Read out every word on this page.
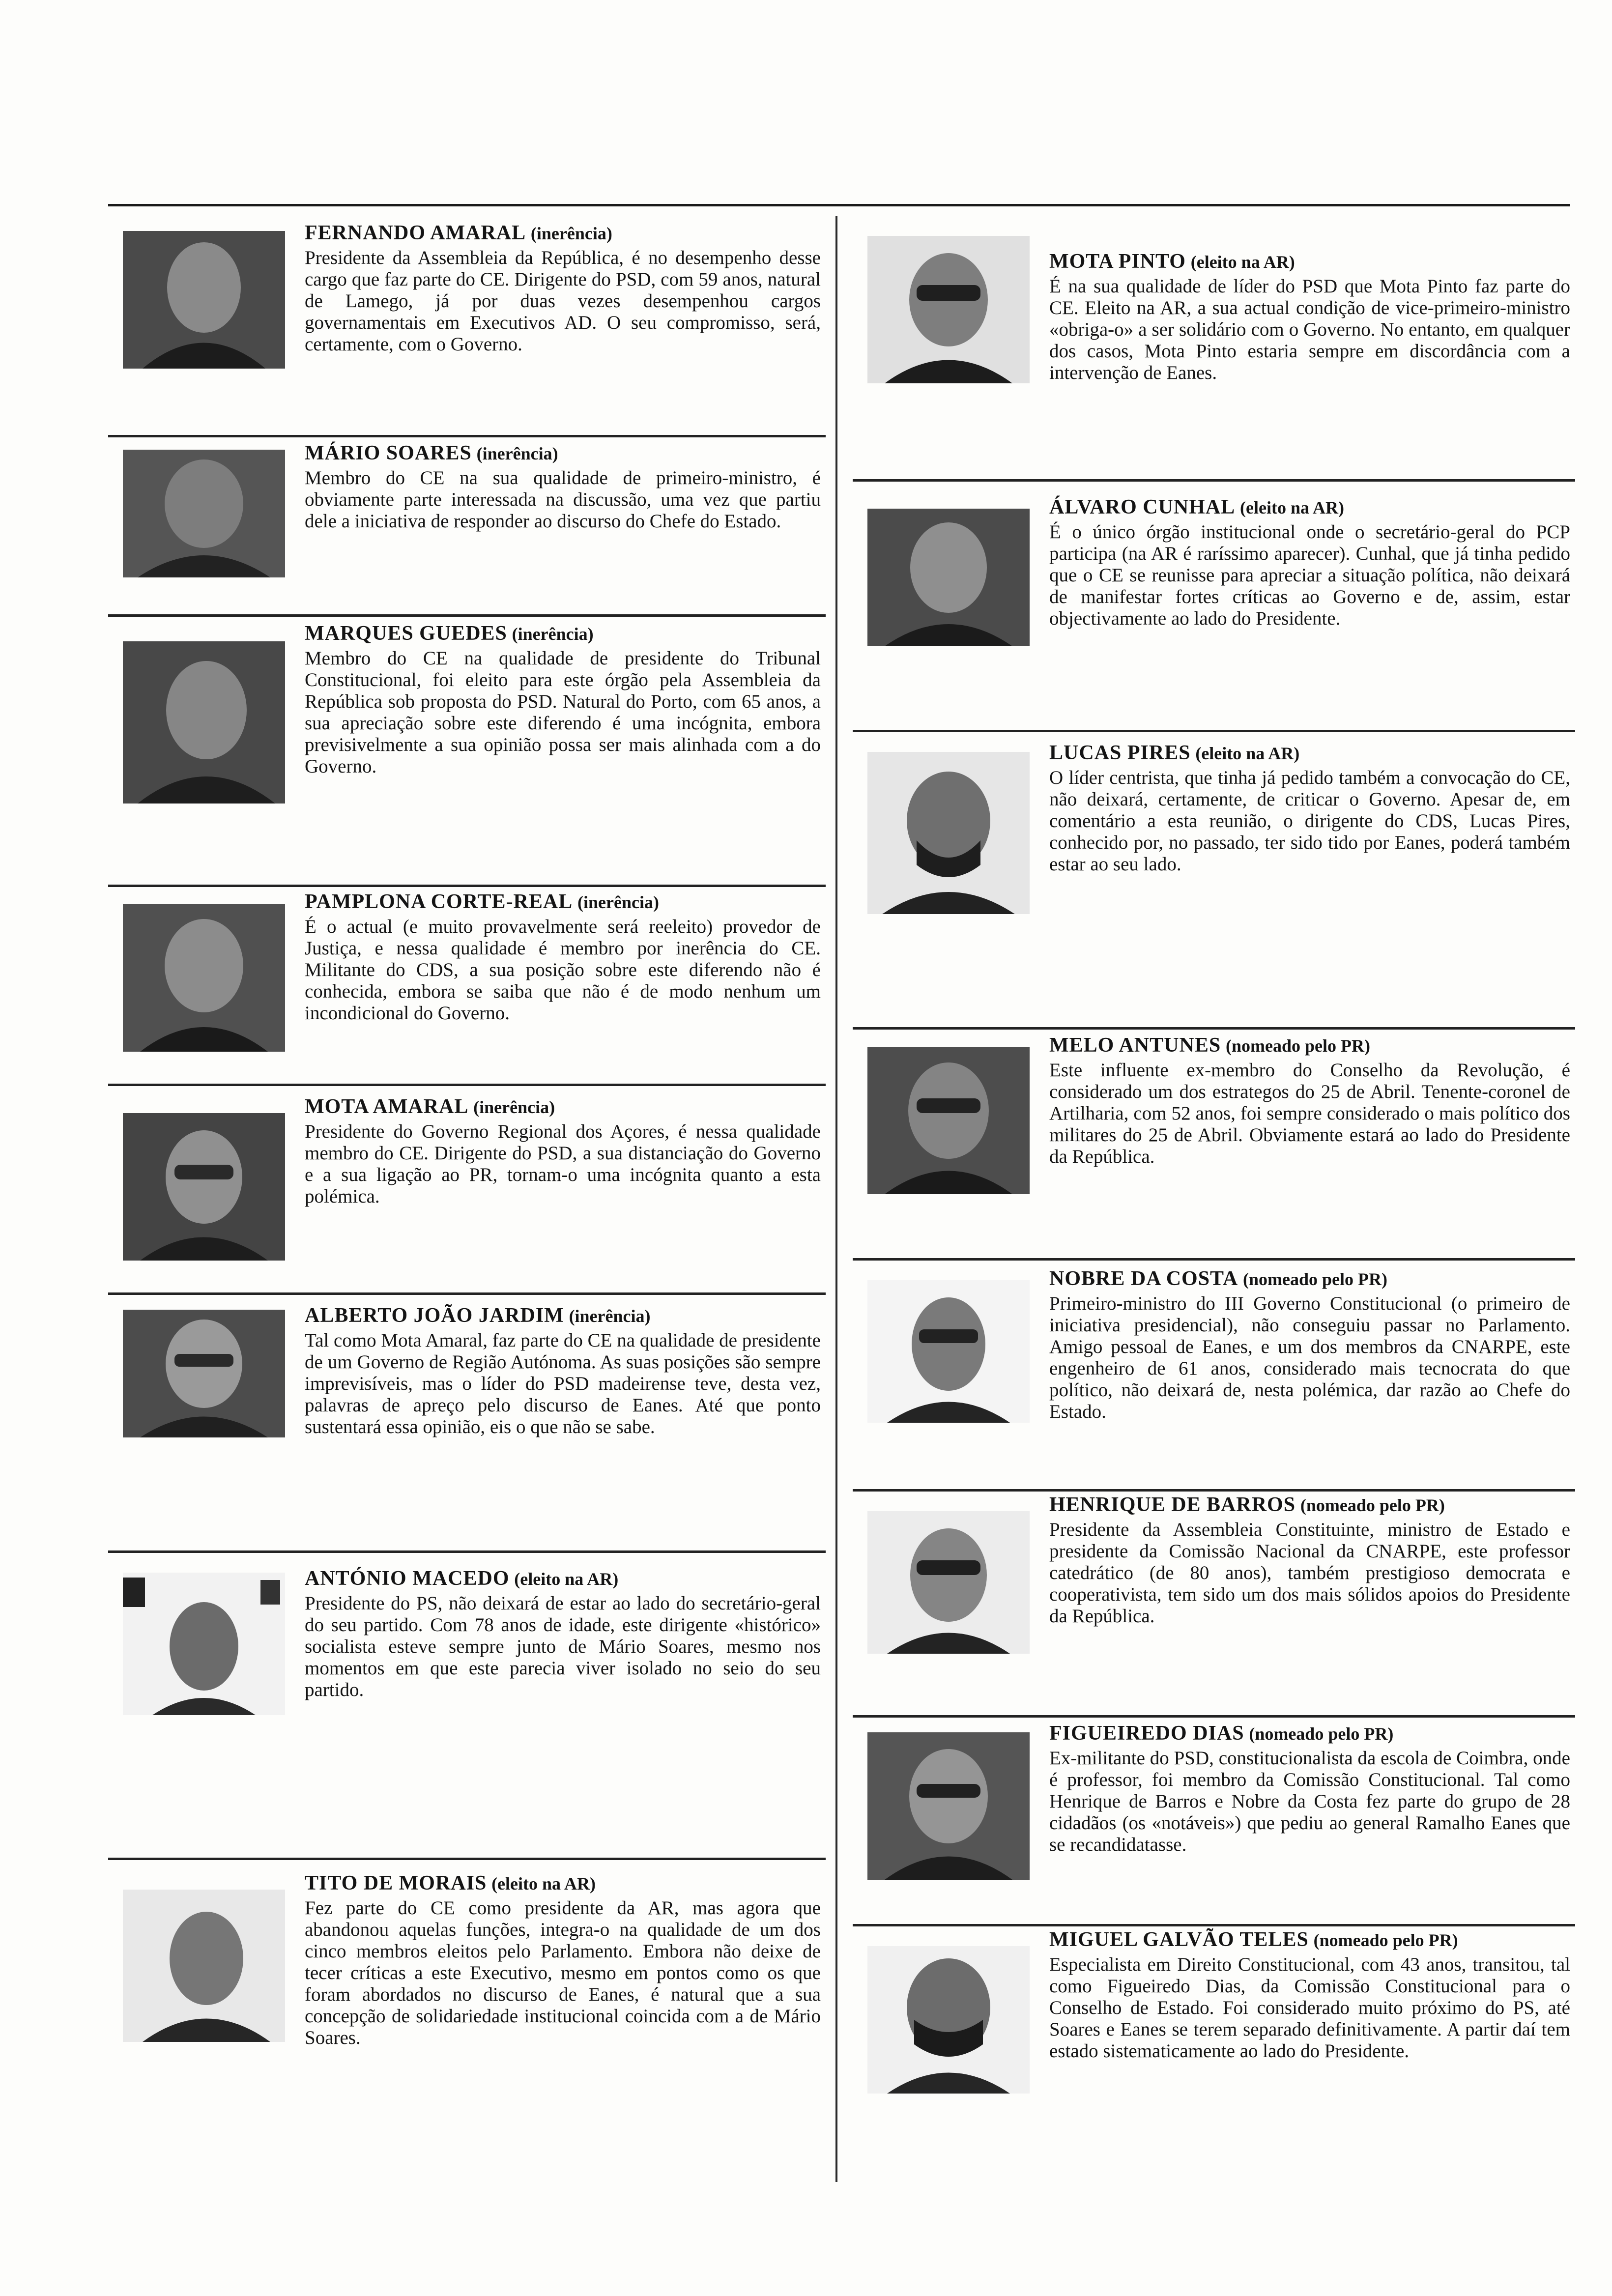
FERNANDO AMARAL (inerência)

Presidente da Assembleia da República, é no desempenho desse cargo que faz parte do CE. Dirigente do PSD, com 59 anos, natural de Lamego, já por duas vezes desempenhou cargos governamentais em Executivos AD. O seu compromisso, será, certamente, com o Governo.

MÁRIO SOARES (inerência)

Membro do CE na sua qualidade de primeiro-ministro, é obviamente parte interessada na discussão, uma vez que partiu dele a iniciativa de responder ao discurso do Chefe do Estado.

MARQUES GUEDES (inerência)

Membro do CE na qualidade de presidente do Tribunal Constitucional, foi eleito para este órgão pela Assembleia da República sob proposta do PSD. Natural do Porto, com 65 anos, a sua apreciação sobre este diferendo é uma incógnita, embora previsivelmente a sua opinião possa ser mais alinhada com a do Governo.

PAMPLONA CORTE-REAL (inerência)

É o actual (e muito provavelmente será reeleito) provedor de Justiça, e nessa qualidade é membro por inerência do CE. Militante do CDS, a sua posição sobre este diferendo não é conhecida, embora se saiba que não é de modo nenhum um incondicional do Governo.

MOTA AMARAL (inerência)

Presidente do Governo Regional dos Açores, é nessa qualidade membro do CE. Dirigente do PSD, a sua distanciação do Governo e a sua ligação ao PR, tornam-o uma incógnita quanto a esta polémica.

ALBERTO JOÃO JARDIM (inerência)

Tal como Mota Amaral, faz parte do CE na qualidade de presidente de um Governo de Região Autónoma. As suas posições são sempre imprevisíveis, mas o líder do PSD madeirense teve, desta vez, palavras de apreço pelo discurso de Eanes. Até que ponto sustentará essa opinião, eis o que não se sabe.

ANTÓNIO MACEDO (eleito na AR)

Presidente do PS, não deixará de estar ao lado do secretário-geral do seu partido. Com 78 anos de idade, este dirigente «histórico» socialista esteve sempre junto de Mário Soares, mesmo nos momentos em que este parecia viver isolado no seio do seu partido.

TITO DE MORAIS (eleito na AR)

Fez parte do CE como presidente da AR, mas agora que abandonou aquelas funções, integra-o na qualidade de um dos cinco membros eleitos pelo Parlamento. Embora não deixe de tecer críticas a este Executivo, mesmo em pontos como os que foram abordados no discurso de Eanes, é natural que a sua concepção de solidariedade institucional coincida com a de Mário Soares.

MOTA PINTO (eleito na AR)

É na sua qualidade de líder do PSD que Mota Pinto faz parte do CE. Eleito na AR, a sua actual condição de vice-primeiro-ministro «obriga-o» a ser solidário com o Governo. No entanto, em qualquer dos casos, Mota Pinto estaria sempre em discordância com a intervenção de Eanes.

ÁLVARO CUNHAL (eleito na AR)

É o único órgão institucional onde o secretário-geral do PCP participa (na AR é raríssimo aparecer). Cunhal, que já tinha pedido que o CE se reunisse para apreciar a situação política, não deixará de manifestar fortes críticas ao Governo e de, assim, estar objectivamente ao lado do Presidente.

LUCAS PIRES (eleito na AR)

O líder centrista, que tinha já pedido também a convocação do CE, não deixará, certamente, de criticar o Governo. Apesar de, em comentário a esta reunião, o dirigente do CDS, Lucas Pires, conhecido por, no passado, ter sido tido por Eanes, poderá também estar ao seu lado.

MELO ANTUNES (nomeado pelo PR)

Este influente ex-membro do Conselho da Revolução, é considerado um dos estrategos do 25 de Abril. Tenente-coronel de Artilharia, com 52 anos, foi sempre considerado o mais político dos militares do 25 de Abril. Obviamente estará ao lado do Presidente da República.

NOBRE DA COSTA (nomeado pelo PR)

Primeiro-ministro do III Governo Constitucional (o primeiro de iniciativa presidencial), não conseguiu passar no Parlamento. Amigo pessoal de Eanes, e um dos membros da CNARPE, este engenheiro de 61 anos, considerado mais tecnocrata do que político, não deixará de, nesta polémica, dar razão ao Chefe do Estado.

HENRIQUE DE BARROS (nomeado pelo PR)

Presidente da Assembleia Constituinte, ministro de Estado e presidente da Comissão Nacional da CNARPE, este professor catedrático (de 80 anos), também prestigioso democrata e cooperativista, tem sido um dos mais sólidos apoios do Presidente da República.

FIGUEIREDO DIAS (nomeado pelo PR)

Ex-militante do PSD, constitucionalista da escola de Coimbra, onde é professor, foi membro da Comissão Constitucional. Tal como Henrique de Barros e Nobre da Costa fez parte do grupo de 28 cidadãos (os «notáveis») que pediu ao general Ramalho Eanes que se recandidatasse.

MIGUEL GALVÃO TELES (nomeado pelo PR)

Especialista em Direito Constitucional, com 43 anos, transitou, tal como Figueiredo Dias, da Comissão Constitucional para o Conselho de Estado. Foi considerado muito próximo do PS, até Soares e Eanes se terem separado definitivamente. A partir daí tem estado sistematicamente ao lado do Presidente.
